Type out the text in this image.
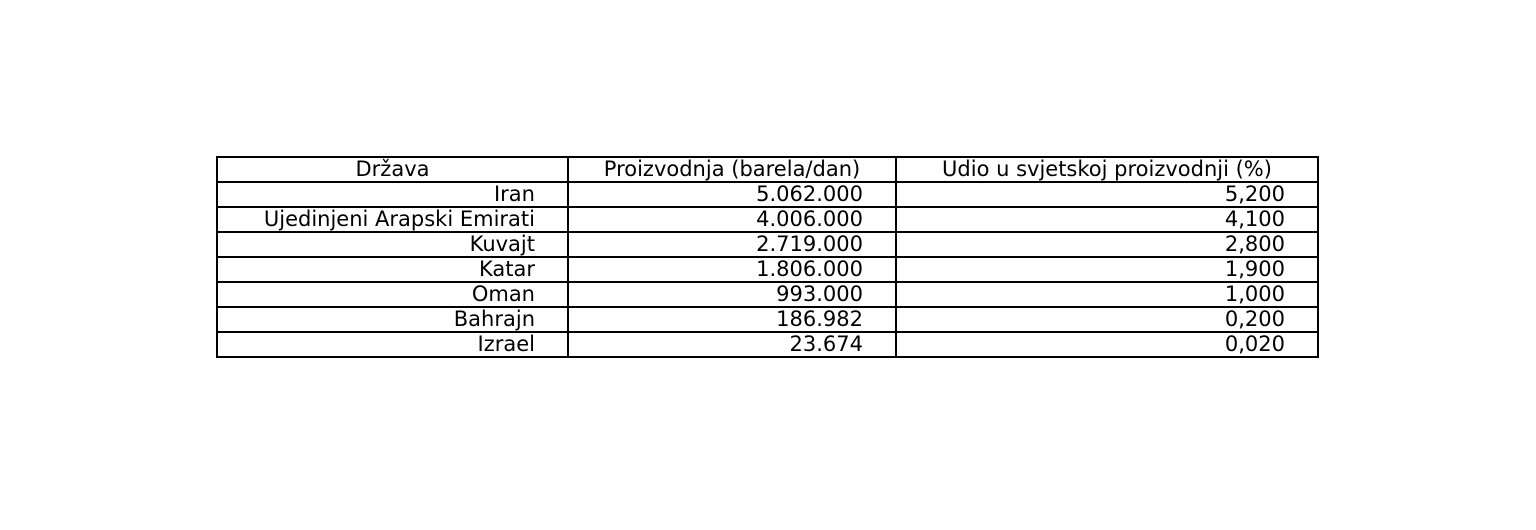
Država	Proizvodnja (barela/dan)	Udio u svjetskoj proizvodnji (%)
Iran	5.062.000	5,200
Ujedinjeni Arapski Emirati	4.006.000	4,100
Kuvajt	2.719.000	2,800
Katar	1.806.000	1,900
Oman	993.000	1,000
Bahrajn	186.982	0,200
Izrael	23.674	0,020
